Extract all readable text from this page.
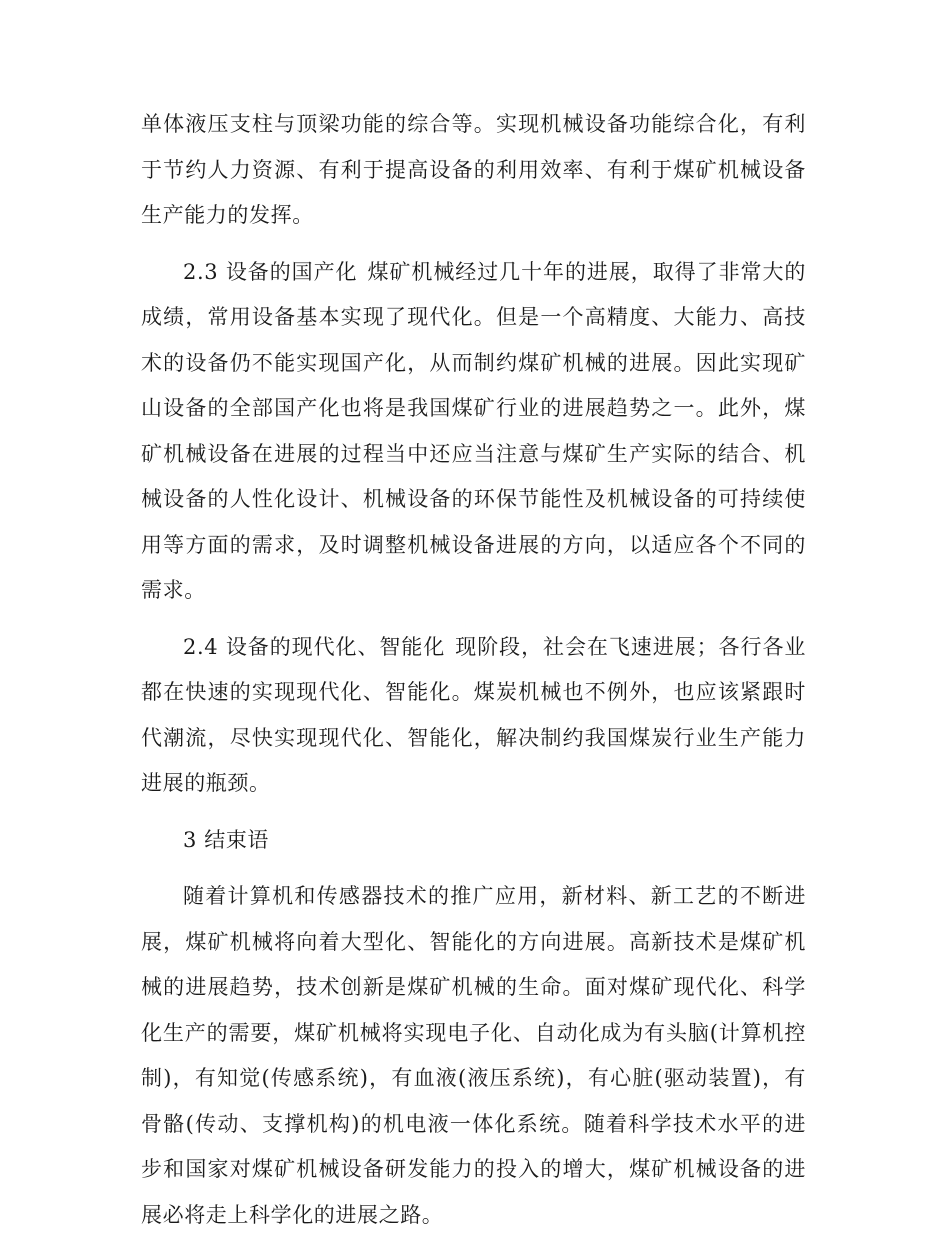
单体液压支柱与顶梁功能的综合等。实现机械设备功能综合化，有利于节约人力资源、有利于提高设备的利用效率、有利于煤矿机械设备生产能力的发挥。

2.3 设备的国产化 煤矿机械经过几十年的进展，取得了非常大的成绩，常用设备基本实现了现代化。但是一个高精度、大能力、高技术的设备仍不能实现国产化，从而制约煤矿机械的进展。因此实现矿山设备的全部国产化也将是我国煤矿行业的进展趋势之一。此外，煤矿机械设备在进展的过程当中还应当注意与煤矿生产实际的结合、机械设备的人性化设计、机械设备的环保节能性及机械设备的可持续使用等方面的需求，及时调整机械设备进展的方向，以适应各个不同的需求。

2.4 设备的现代化、智能化 现阶段，社会在飞速进展；各行各业都在快速的实现现代化、智能化。煤炭机械也不例外，也应该紧跟时代潮流，尽快实现现代化、智能化，解决制约我国煤炭行业生产能力进展的瓶颈。

3 结束语

随着计算机和传感器技术的推广应用，新材料、新工艺的不断进展，煤矿机械将向着大型化、智能化的方向进展。高新技术是煤矿机械的进展趋势，技术创新是煤矿机械的生命。面对煤矿现代化、科学化生产的需要，煤矿机械将实现电子化、自动化成为有头脑(计算机控制)，有知觉(传感系统)，有血液(液压系统)，有心脏(驱动装置)，有骨骼(传动、支撑机构)的机电液一体化系统。随着科学技术水平的进步和国家对煤矿机械设备研发能力的投入的增大，煤矿机械设备的进展必将走上科学化的进展之路。
